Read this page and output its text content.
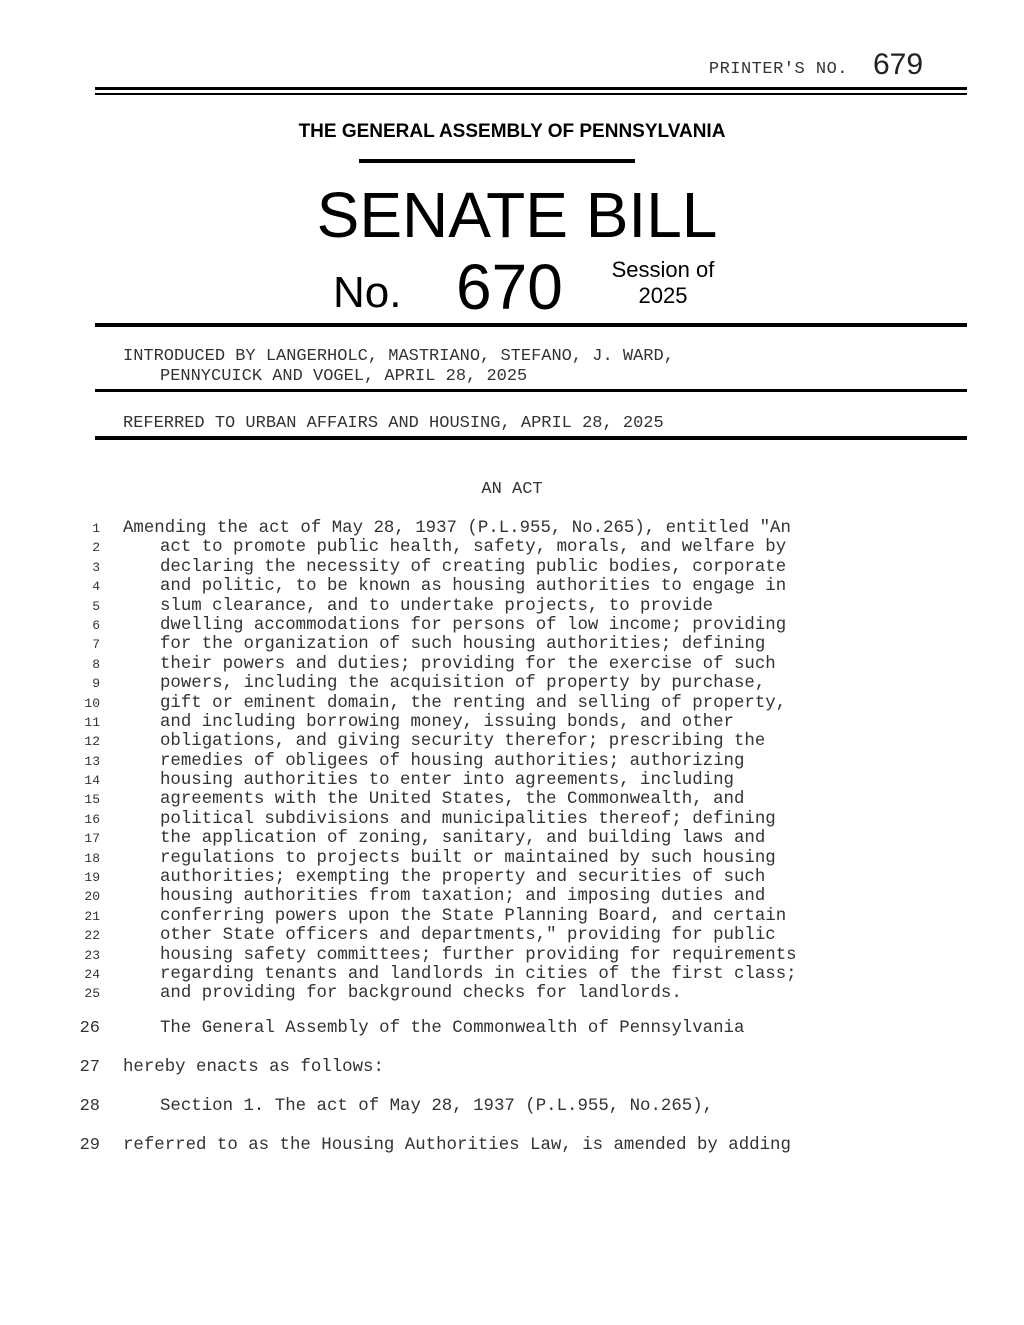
PRINTER'S NO. 679
THE GENERAL ASSEMBLY OF PENNSYLVANIA
SENATE BILL
No. 670	Session of
2025
INTRODUCED BY LANGERHOLC, MASTRIANO, STEFANO, J. WARD,
PENNYCUICK AND VOGEL, APRIL 28, 2025
REFERRED TO URBAN AFFAIRS AND HOUSING, APRIL 28, 2025
AN ACT
1 Amending the act of May 28, 1937 (P.L.955, No.265), entitled "An
2	act to promote public health, safety, morals, and welfare by
3	declaring the necessity of creating public bodies, corporate
4	and politic, to be known as housing authorities to engage in
5	slum clearance, and to undertake projects, to provide
6	dwelling accommodations for persons of low income; providing
7	for the organization of such housing authorities; defining
8	their powers and duties; providing for the exercise of such
9	powers, including the acquisition of property by purchase,
10	gift or eminent domain, the renting and selling of property,
11	and including borrowing money, issuing bonds, and other
12	obligations, and giving security therefor; prescribing the
13	remedies of obligees of housing authorities; authorizing
14	housing authorities to enter into agreements, including
15	agreements with the United States, the Commonwealth, and
16	political subdivisions and municipalities thereof; defining
17	the application of zoning, sanitary, and building laws and
18	regulations to projects built or maintained by such housing
19	authorities; exempting the property and securities of such
20	housing authorities from taxation; and imposing duties and
21	conferring powers upon the State Planning Board, and certain
22	other State officers and departments," providing for public
23	housing safety committees; further providing for requirements
24	regarding tenants and landlords in cities of the first class;
25	and providing for background checks for landlords.
26	The General Assembly of the Commonwealth of Pennsylvania
27 hereby enacts as follows:
28	Section 1. The act of May 28, 1937 (P.L.955, No.265),
29 referred to as the Housing Authorities Law, is amended by adding
